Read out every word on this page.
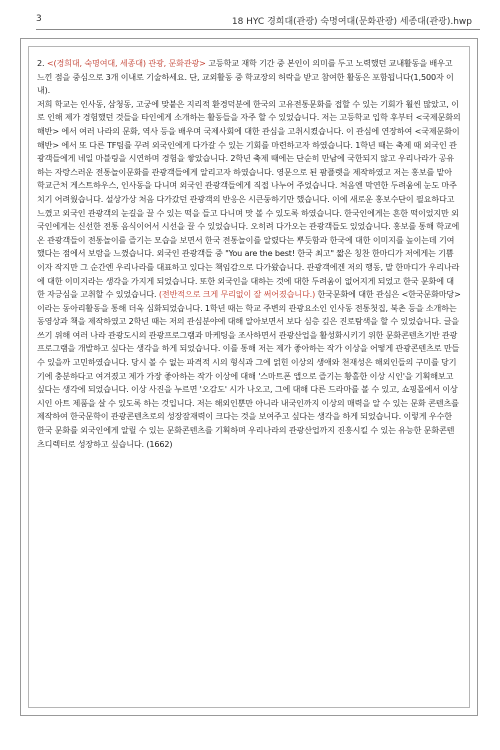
3	18 HYC 경희대(관광) 숙명여대(문화관광) 세종대(관광).hwp

2. <(경희대, 숙명여대, 세종대) 관광, 문화관광> 고등학교 재학 기간 중 본인이 의미를 두고 노력했던 교내활동을 배우고 느낀 점을 중심으로 3개 이내로 기술하세요. 단, 교외활동 중 학교장의 허락을 받고 참여한 활동은 포함됩니다(1,500자 이내).

저희 학교는 인사동, 삼청동, 고궁에 맞붙은 지리적 환경덕분에 한국의 고유전통문화를 접할 수 있는 기회가 훨씬 많았고, 이로 인해 제가 경험했던 것들을 타인에게 소개하는 활동들을 자주 할 수 있었습니다. 저는 고등학교 입학 후부터 <국제문화의해반> 에서 여러 나라의 문화, 역사 등을 배우며 국제사회에 대한 관심을 고취시켰습니다. 이 관심에 연장하여 <국제문화이해반> 에서 또 다른 TF팀를 꾸려 외국인에게 다가갈 수 있는 기회를 마련하고자 하였습니다. 1학년 때는 축제 때 외국인 관광객들에게 네일 마블링을 시연하며 경험을 쌓았습니다. 2학년 축제 때에는 단순히 만남에 국한되지 않고 우리나라가 공유하는 자랑스러운 전통놀이문화를 관광객들에게 알리고자 하였습니다. 영문으로 된 팜플렛을 제작하였고 저는 홍보를 맡아 학교근처 게스트하우스, 인사동을 다니며 외국인 관광객들에게 직접 나누어 주었습니다. 처음엔 막연한 두려움에 눈도 마주치기 어려웠습니다. 설상가상 처음 다가갔던 관광객의 반응은 시큰둥하기만 했습니다. 이에 새로운 홍보수단이 필요하다고 느꼈고 외국인 관광객의 눈길을 끌 수 있는 떡을 들고 다니며 맛 볼 수 있도록 하였습니다. 한국인에게는 흔한 떡이었지만 외국인에게는 신선한 전통 음식이어서 시선을 끌 수 있었습니다. 오히려 다가오는 관광객들도 있었습니다. 홍보를 통해 학교에 온 관광객들이 전통놀이를 즐기는 모습을 보면서 한국 전통놀이를 알렸다는 뿌듯함과 한국에 대한 이미지를 높이는데 기여했다는 점에서 보람을 느꼈습니다. 외국인 관광객들 중 "You are the best! 한국 최고" 짧은 칭찬 한마디가 저에게는 기쁨이자 작지만 그 순간엔 우리나라를 대표하고 있다는 책임감으로 다가왔습니다. 관광객에겐 저의 행동, 말 한마디가 우리나라에 대한 이미지라는 생각을 가지게 되었습니다. 또한 외국인을 대하는 것에 대한 두려움이 없어지게 되었고 한국 문화에 대한 자긍심을 고취할 수 있었습니다. (전반적으로 크게 무리없이 잘 써어졌습니다.) 한국문화에 대한 관심은 <한국문화마당> 이라는 동아리활동을 통해 더욱 심화되었습니다. 1학년 때는 학교 주변의 관광요소인 인사동 전통첫집, 북촌 등을 소개하는 동영상과 책을 제작하였고 2학년 때는 저의 관심분야에 대해 알아보면서 보다 심층 깊은 진로탐색을 할 수 있었습니다. 글을 쓰기 위해 여러 나라 관광도시의 관광프로그램과 마케팅을 조사하면서 관광산업을 활성화시키기 위한 문화콘텐츠기반 관광프로그램을 개발하고 싶다는 생각을 하게 되었습니다. 이를 통해 저는 제가 좋아하는 작가 이상을 어떻게 관광콘텐츠로 만들 수 있을까 고민하였습니다. 당시 볼 수 없는 파격적 시의 형식과 그에 얽힌 이상의 생애와 천재성은 해외인들의 구미를 당기기에 충분하다고 여겨졌고 제가 가장 좋아하는 작가 이상에 대해 '스마트폰 앱으로 즐기는 황홀한 이상 시인'을 기획해보고 싶다는 생각에 되었습니다. 이상 사진을 누르면 '오감도' 시가 나오고, 그에 대해 다른 드라마를 볼 수 있고, 쇼핑몰에서 이상 시인 아트 제품을 살 수 있도록 하는 것입니다. 저는 해외인뿐만 아니라 내국인까지 이상의 매력을 알 수 있는 문화 콘텐츠를 제작하여 한국문학이 관광콘텐츠로의 성장잠재력이 크다는 것을 보여주고 싶다는 생각을 하게 되었습니다. 이렇게 우수한 한국 문화를 외국인에게 알릴 수 있는 문화콘텐츠를 기획하며 우리나라의 관광산업까지 진흥시킬 수 있는 유능한 문화콘텐츠디렉터로 성장하고 싶습니다. (1662)
